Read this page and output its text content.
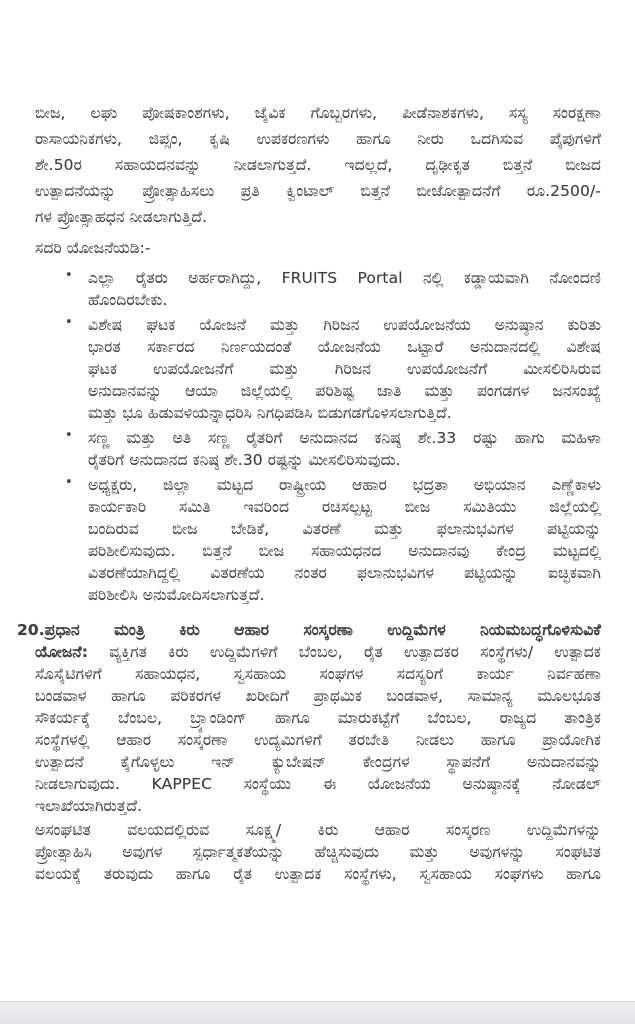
ಬೀಜ, ಲಘು ಪೋಷಕಾಂಶಗಳು, ಜೈವಿಕ ಗೊಬ್ಬರಗಳು, ಪೀಡೆನಾಶಕಗಳು, ಸಸ್ಯ ಸಂರಕ್ಷಣಾ
ರಾಸಾಯನಿಕಗಳು, ಜಿಪ್ಸಂ, ಕೃಷಿ ಉಪಕರಣಗಳು ಹಾಗೂ ನೀರು ಒದಗಿಸುವ ಪೈಪುಗಳಿಗೆ
ಶೇ.50ರ ಸಹಾಯದನವನ್ನು ನೀಡಲಾಗುತ್ತದೆ. ಇದಲ್ಲದೆ, ದೃಢೀಕೃತ ಬಿತ್ತನೆ ಬೀಜದ
ಉತ್ಪಾದನೆಯನ್ನು ಪ್ರೋತ್ಸಾಹಿಸಲು ಪ್ರತಿ ಕ್ವಿಂಟಾಲ್ ಬಿತ್ತನೆ ಬೀಜೋತ್ಪಾದನೆಗೆ ರೂ.2500/-
ಗಳ ಪ್ರೋತ್ಸಾಹಧನ ನೀಡಲಾಗುತ್ತಿದೆ.
ಸದರಿ ಯೋಜನೆಯಡಿ:-
• ಎಲ್ಲಾ ರೈತರು ಅರ್ಹರಾಗಿದ್ದು, FRUITS Portal ನಲ್ಲಿ ಕಡ್ಡಾಯವಾಗಿ ನೋಂದಣಿ
ಹೊಂದಿರಬೇಕು.
• ವಿಶೇಷ ಘಟಕ ಯೋಜನೆ ಮತ್ತು ಗಿರಿಜನ ಉಪಯೋಜನೆಯ ಅನುಷ್ಠಾನ ಕುರಿತು
ಭಾರತ ಸರ್ಕಾರದ ನಿರ್ಣಯದಂತೆ ಯೋಜನೆಯ ಒಟ್ಟಾರೆ ಅನುದಾನದಲ್ಲಿ ವಿಶೇಷ
ಘಟಕ ಉಪಯೋಜನೆಗೆ ಮತ್ತು ಗಿರಿಜನ ಉಪಯೋಜನೆಗೆ ಮೀಸಲಿರಿಸಿರುವ
ಅನುದಾನವನ್ನು ಆಯಾ ಜಿಲ್ಲೆಯಲ್ಲಿ ಪರಿಶಿಷ್ಟ ಜಾತಿ ಮತ್ತು ಪಂಗಡಗಳ ಜನಸಂಖ್ಯೆ
ಮತ್ತು ಭೂ ಹಿಡುವಳಿಯನ್ನಾಧರಿಸಿ ನಿಗಧಿಪಡಿಸಿ ಬಿಡುಗಡಗೊಳಿಸಲಾಗುತ್ತಿದೆ.
• ಸಣ್ಣ ಮತ್ತು ಅತಿ ಸಣ್ಣ ರೈತರಿಗೆ ಅನುದಾನದ ಕನಿಷ್ಠ ಶೇ.33 ರಷ್ಟು ಹಾಗು ಮಹಿಳಾ
ರೈತರಿಗೆ ಅನುದಾನದ ಕನಿಷ್ಠ ಶೇ.30 ರಷ್ಟನ್ನು ಮೀಸಲಿರಿಸುವುದು.
• ಅಧ್ಯಕ್ಷರು, ಜಿಲ್ಲಾ ಮಟ್ಟದ ರಾಷ್ಟ್ರೀಯ ಆಹಾರ ಭದ್ರತಾ ಅಭಿಯಾನ ಎಣ್ಣೆಕಾಳು
ಕಾರ್ಯಕಾರಿ ಸಮಿತಿ ಇವರಿಂದ ರಚಿಸಲ್ಪಟ್ಟ ಬೀಜ ಸಮಿತಿಯು ಜಿಲ್ಲೆಯಲ್ಲಿ
ಬಂದಿರುವ ಬೀಜ ಬೇಡಿಕೆ, ವಿತರಣೆ ಮತ್ತು ಫಲಾನುಭವಿಗಳ ಪಟ್ಟಿಯನ್ನು
ಪರಿಶೀಲಿಸುವುದು. ಬಿತ್ತನೆ ಬೀಜ ಸಹಾಯಧನದ ಅನುದಾನವು ಕೇಂದ್ರ ಮಟ್ಟದಲ್ಲಿ
ವಿತರಣೆಯಾಗಿದ್ದಲ್ಲಿ ವಿತರಣೆಯ ನಂತರ ಫಲಾನುಭವಿಗಳ ಪಟ್ಟಿಯನ್ನು ಐಚ್ಛಿಕವಾಗಿ
ಪರಿಶೀಲಿಸಿ ಅನುಮೋದಿಸಲಾಗುತ್ತದೆ.
20.ಪ್ರಧಾನ ಮಂತ್ರಿ ಕಿರು ಆಹಾರ ಸಂಸ್ಕರಣಾ ಉದ್ದಿಮೆಗಳ ನಿಯಮಬದ್ಧಗೊಳಿಸುವಿಕೆ
ಯೋಜನೆ: ವ್ಯಕ್ತಿಗತ ಕಿರು ಉದ್ದಿಮೆಗಳಿಗೆ ಬೆಂಬಲ, ರೈತ ಉತ್ಪಾದಕರ ಸಂಸ್ಥೆಗಳು/ ಉತ್ಪಾದಕ
ಸೊಸೈಟಿಗಳಿಗೆ ಸಹಾಯಧನ, ಸ್ವಸಹಾಯ ಸಂಘಗಳ ಸದಸ್ಯರಿಗೆ ಕಾರ್ಯ ನಿರ್ವಹಣಾ
ಬಂಡವಾಳ ಹಾಗೂ ಪರಿಕರಗಳ ಖರೀದಿಗೆ ಪ್ರಾಥಮಿಕ ಬಂಡವಾಳ, ಸಾಮಾನ್ಯ ಮೂಲಭೂತ
ಸೌಕರ್ಯಕ್ಕೆ ಬೆಂಬಲ, ಬ್ರ್ಯಾಂಡಿಂಗ್ ಹಾಗೂ ಮಾರುಕಟ್ಟೆಗೆ ಬೆಂಬಲ, ರಾಜ್ಯದ ತಾಂತ್ರಿಕ
ಸಂಸ್ಥೆಗಳಲ್ಲಿ ಆಹಾರ ಸಂಸ್ಕರಣಾ ಉದ್ಯಮಿಗಳಿಗೆ ತರಬೇತಿ ನೀಡಲು ಹಾಗೂ ಪ್ರಾಯೋಗಿಕ
ಉತ್ಪಾದನೆ ಕೈಗೊಳ್ಳಲು ಇನ್ ಕ್ಯುಬೇಷನ್ ಕೇಂದ್ರಗಳ ಸ್ಥಾಪನೆಗೆ ಅನುದಾನವನ್ನು
ನೀಡಲಾಗುವುದು. KAPPEC ಸಂಸ್ಥೆಯು ಈ ಯೋಜನೆಯ ಅನುಷ್ಠಾನಕ್ಕೆ ನೋಡಲ್
ಇಲಾಖೆಯಾಗಿರುತ್ತದೆ.
ಅಸಂಘಟಿತ ವಲಯದಲ್ಲಿರುವ ಸೂಕ್ಷ್ಮ/ ಕಿರು ಆಹಾರ ಸಂಸ್ಕರಣ ಉದ್ದಿಮೆಗಳನ್ನು
ಪ್ರೋತ್ಸಾಹಿಸಿ ಅವುಗಳ ಸ್ಪರ್ಧಾತ್ಮಕತೆಯನ್ನು ಹೆಚ್ಚಿಸುವುದು ಮತ್ತು ಅವುಗಳನ್ನು ಸಂಘಟಿತ
ವಲಯಕ್ಕೆ ತರುವುದು ಹಾಗೂ ರೈತ ಉತ್ಪಾದಕ ಸಂಸ್ಥೆಗಳು, ಸ್ವಸಹಾಯ ಸಂಘಗಳು ಹಾಗೂ
